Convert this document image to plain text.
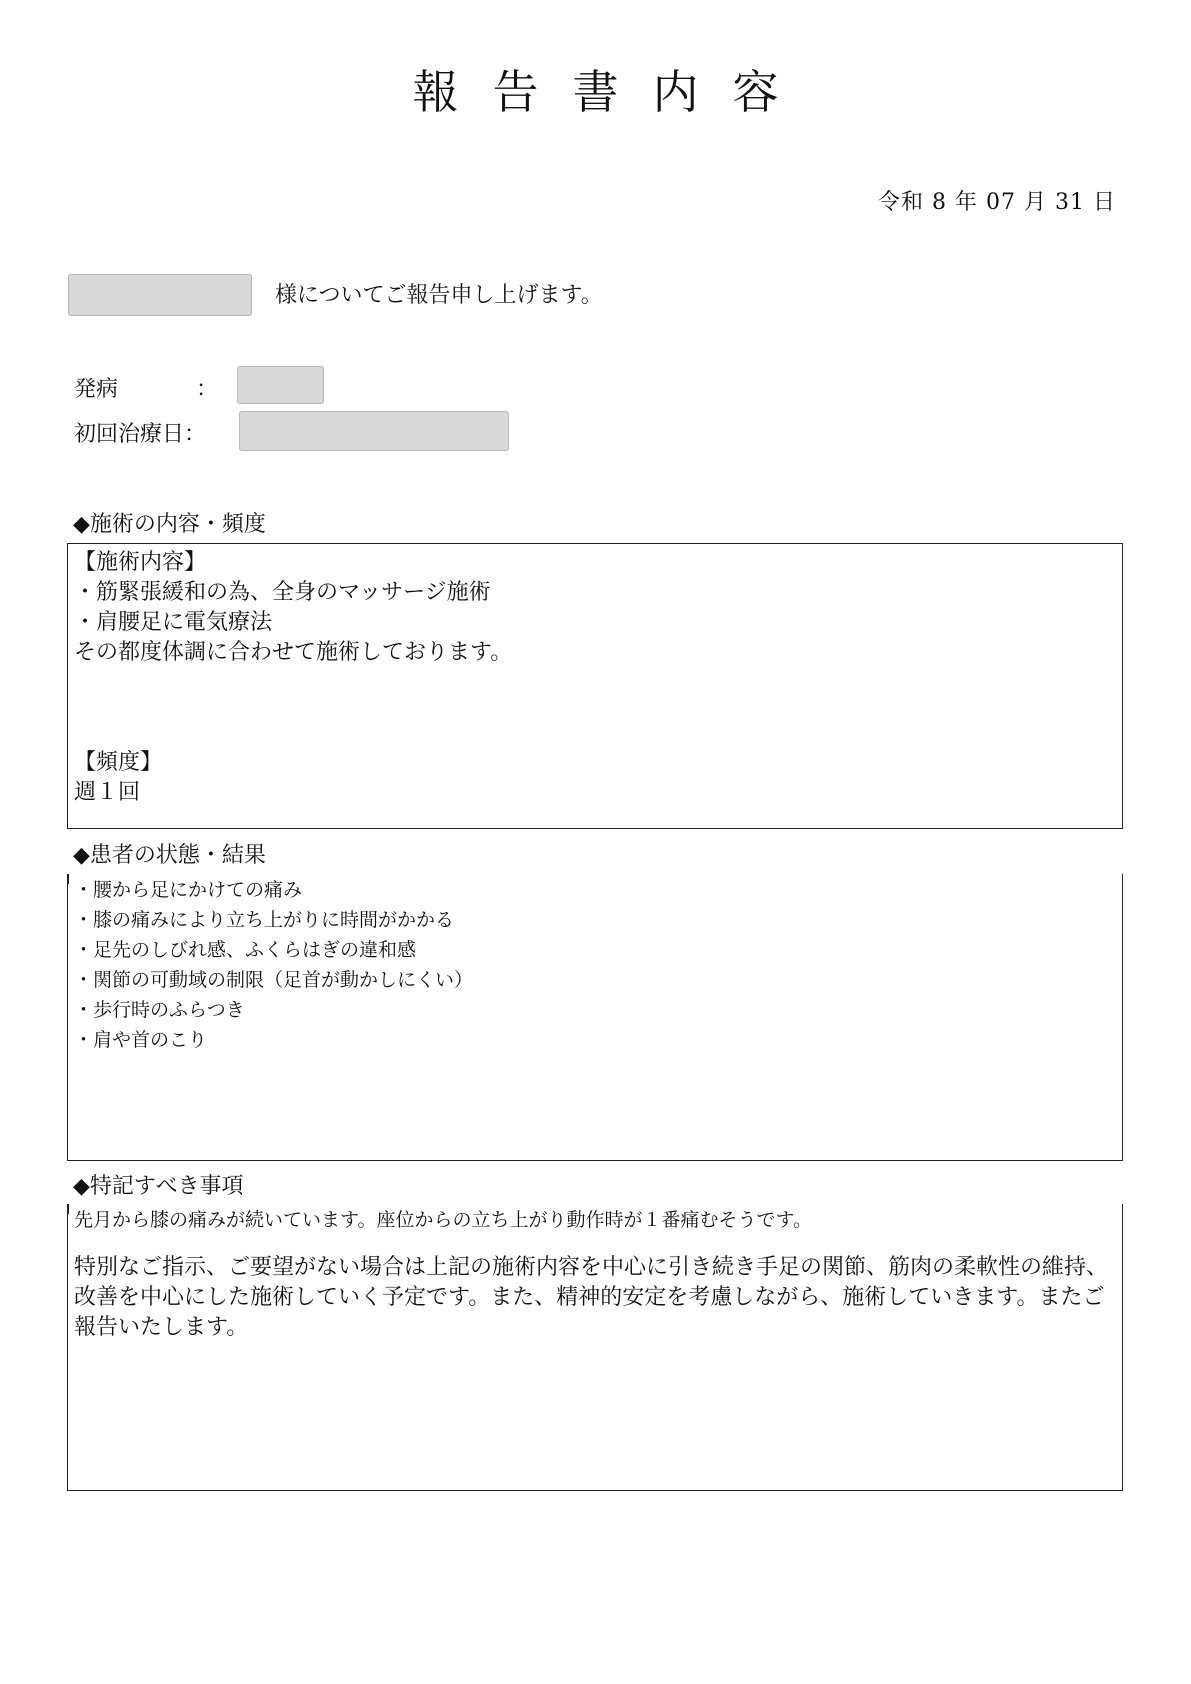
報告書内容
令和 8 年 07 月 31 日
様についてご報告申し上げます。
発病	：
初回治療日：
◆施術の内容・頻度
【施術内容】
・筋緊張緩和の為、全身のマッサージ施術
・肩腰足に電気療法
その都度体調に合わせて施術しております。

【頻度】
週１回
◆患者の状態・結果
・腰から足にかけての痛み
・膝の痛みにより立ち上がりに時間がかかる
・足先のしびれ感、ふくらはぎの違和感
・関節の可動域の制限（足首が動かしにくい）
・歩行時のふらつき
・肩や首のこり
◆特記すべき事項
先月から膝の痛みが続いています。座位からの立ち上がり動作時が１番痛むそうです。
特別なご指示、ご要望がない場合は上記の施術内容を中心に引き続き手足の関節、筋肉の柔軟性の維持、改善を中心にした施術していく予定です。また、精神的安定を考慮しながら、施術していきます。またご報告いたします。
